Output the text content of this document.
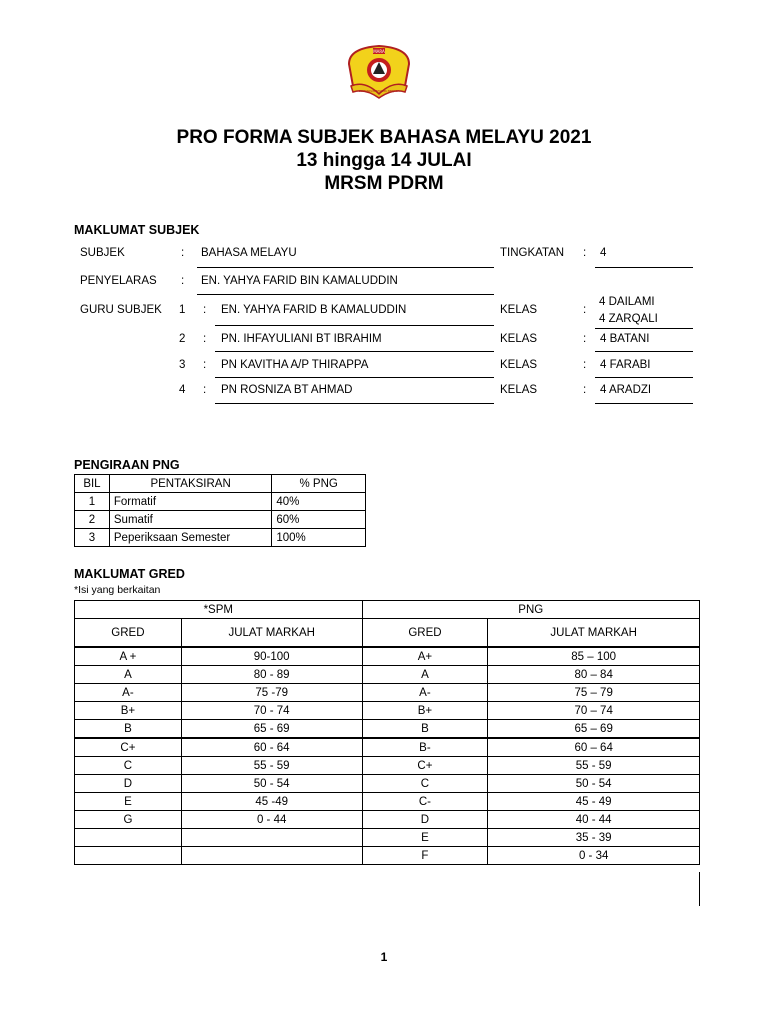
MARA
BERDISIPLIN BERILMU BERJASA
PRO FORMA SUBJEK BAHASA MELAYU 2021
13 hingga 14 JULAI
MRSM PDRM
MAKLUMAT SUBJEK
SUBJEK	: BAHASA MELAYU	TINGKATAN : 4
PENYELARAS : EN. YAHYA FARID BIN KAMALUDDIN
GURU SUBJEK 1 : EN. YAHYA FARID B KAMALUDDIN	KELAS	:
4 DAILAMI
4 ZARQALI
2 : PN. IHFAYULIANI BT IBRAHIM	KELAS	: 4 BATANI
3 : PN KAVITHA A/P THIRAPPA	KELAS	: 4 FARABI
4 : PN ROSNIZA BT AHMAD	KELAS	: 4 ARADZI
PENGIRAAN PNG
BIL	PENTAKSIRAN	% PNG
1	Formatif	40%
2	Sumatif	60%
3	Peperiksaan Semester	100%
MAKLUMAT GRED
*Isi yang berkaitan
*SPM		PNG	
GRED	JULAT MARKAH	GRED	JULAT MARKAH
A +	90-100	A+	85 – 100
A	80 - 89	A	80 – 84
A-	75 -79	A-	75 – 79
B+	70 - 74	B+	70 – 74
B	65 - 69	B	65 – 69
C+	60 - 64	B-	60 – 64
C	55 - 59	C+	55 - 59
D	50 - 54	C	50 - 54
E	45 -49	C-	45 - 49
G	0 - 44	D	40 - 44
		E	35 - 39
		F	0 - 34
1
